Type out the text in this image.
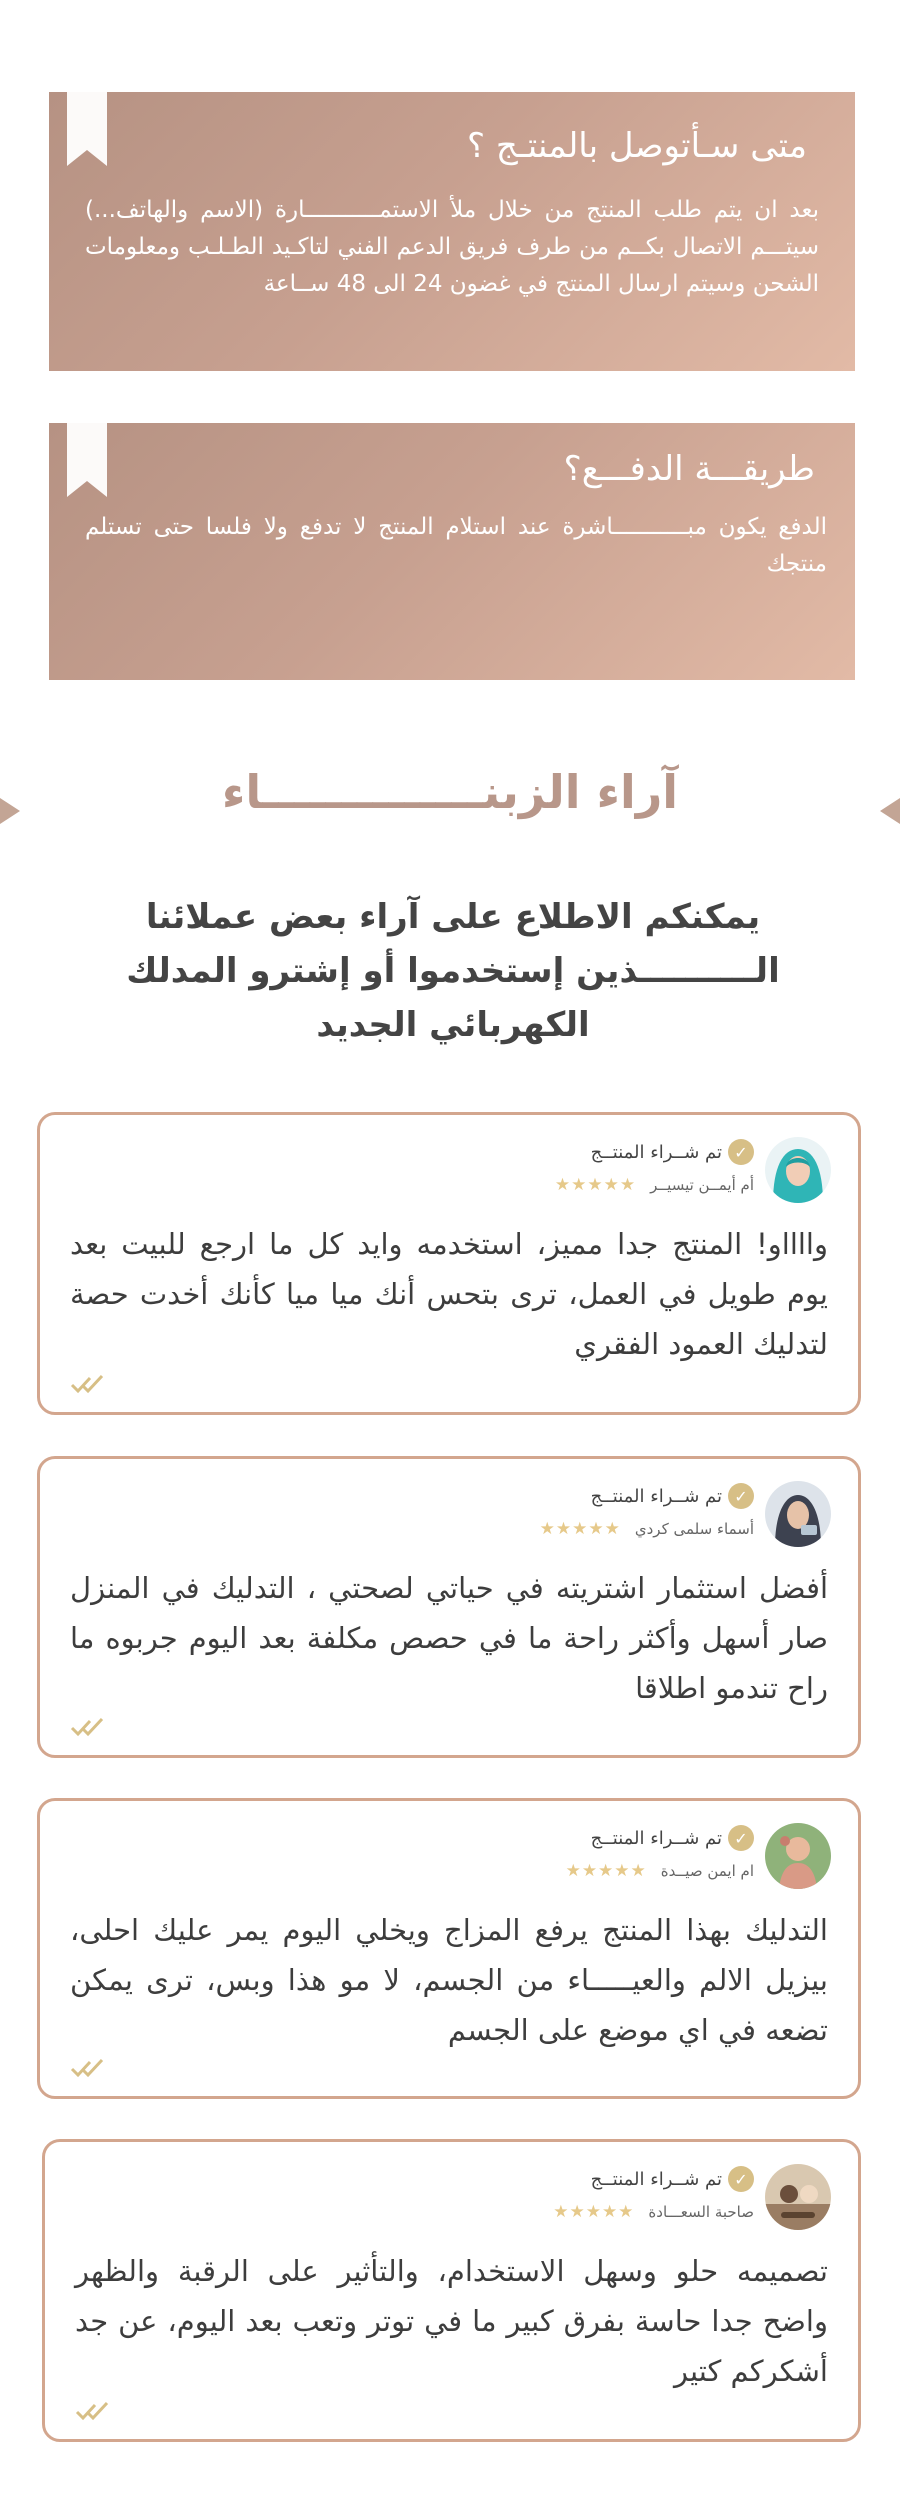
متى سـأتوصل بالمنتـج ؟

بعد ان يتم طلب المنتج من خلال ملأ الاستمـــــــــــارة (الاسم والهاتف...) سيتـــم الاتصال بكــم من طرف فريق الدعم الفني لتاكـيد الطـلـب ومعلومات الشحن وسيتم ارسال المنتج في غضون 24 الى 48 ســاعة

طريقـــة الدفـــع؟

الدفع يكون مبـــــــــــاشرة عند استلام المنتج لا تدفع ولا فلسا حتى تستلم منتجك

آراء الزبنــــــــــــــاء

يمكنكم الاطلاع على آراء بعض عملائنا الــــــــــذين إستخدموا أو إشترو المدلك الكهربائي الجديد

✓
تم شــراء المنتــج
أم أيمــن تيسيــر
★★★★★

وااااو! المنتج جدا مميز، استخدمه وايد كل ما ارجع للبيت بعد يوم طويل في العمل، ترى بتحس أنك ميا ميا كأنك أخدت حصة لتدليك العمود الفقري

✓
تم شــراء المنتــج
أسماء سلمى كردي
★★★★★

أفضل استثمار اشتريته في حياتي لصحتي ، التدليك في المنزل صار أسهل وأكثر راحة ما في حصص مكلفة بعد اليوم جربوه ما راح تندمو اطلاقا

✓
تم شــراء المنتــج
ام ايمن صيــدة
★★★★★

التدليك بهذا المنتج يرفع المزاج ويخلي اليوم يمر عليك احلى، بيزيل الالم والعيـــــاء من الجسم، لا مو هذا وبس، ترى يمكن تضعه في اي موضع على الجسم

✓
تم شــراء المنتــج
صاحبة السعـــادة
★★★★★

تصميمه حلو وسهل الاستخدام، والتأثير على الرقبة والظهر واضح جدا حاسة بفرق كبير ما في توتر وتعب بعد اليوم، عن جد أشكركم كتير
